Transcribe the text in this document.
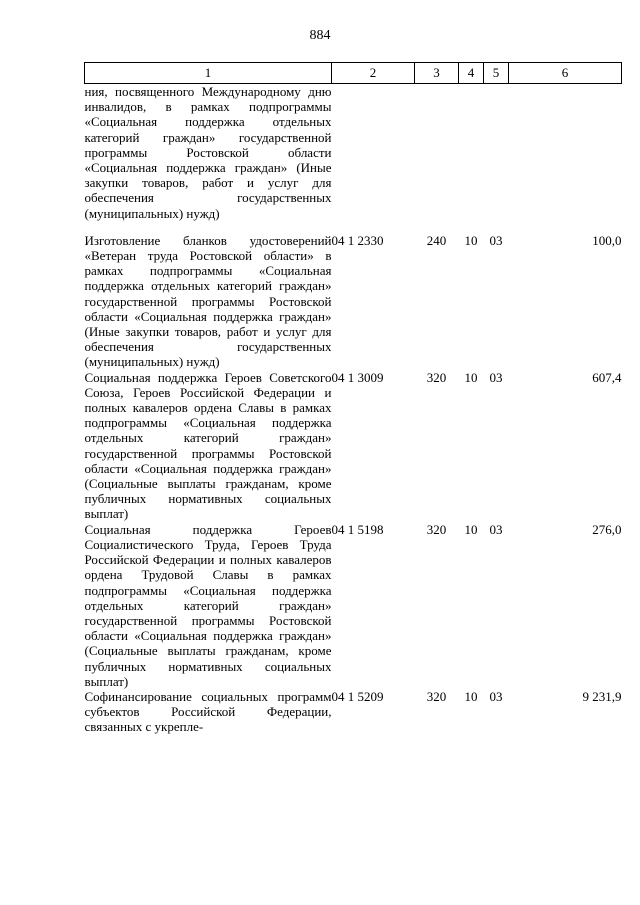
884
1	2	3	4	5	6
ния, посвященного Международному дню инвалидов, в рамках подпрограммы «Социальная поддержка отдельных категорий граждан» государственной программы Ростовской области «Социальная поддержка граждан» (Иные закупки товаров, работ и услуг для обеспечения государственных (муниципальных) нужд)					
Изготовление бланков удостоверений «Ветеран труда Ростовской области» в рамках подпрограммы «Социальная поддержка отдельных категорий граждан» государственной программы Ростовской области «Социальная поддержка граждан» (Иные закупки товаров, работ и услуг для обеспечения государственных (муниципальных) нужд)	04 1 2330	240	10	03	100,0
Социальная поддержка Героев Советского Союза, Героев Российской Федерации и полных кавалеров ордена Славы в рамках подпрограммы «Социальная поддержка отдельных категорий граждан» государственной программы Ростовской области «Социальная поддержка граждан» (Социальные выплаты гражданам, кроме публичных нормативных социальных выплат)	04 1 3009	320	10	03	607,4
Социальная поддержка Героев Социалистического Труда, Героев Труда Российской Федерации и полных кавалеров ордена Трудовой Славы в рамках подпрограммы «Социальная поддержка отдельных категорий граждан» государственной программы Ростовской области «Социальная поддержка граждан» (Социальные выплаты гражданам, кроме публичных нормативных социальных выплат)	04 1 5198	320	10	03	276,0
Софинансирование социальных программ субъектов Российской Федерации, связанных с укрепле-	04 1 5209	320	10	03	9 231,9
